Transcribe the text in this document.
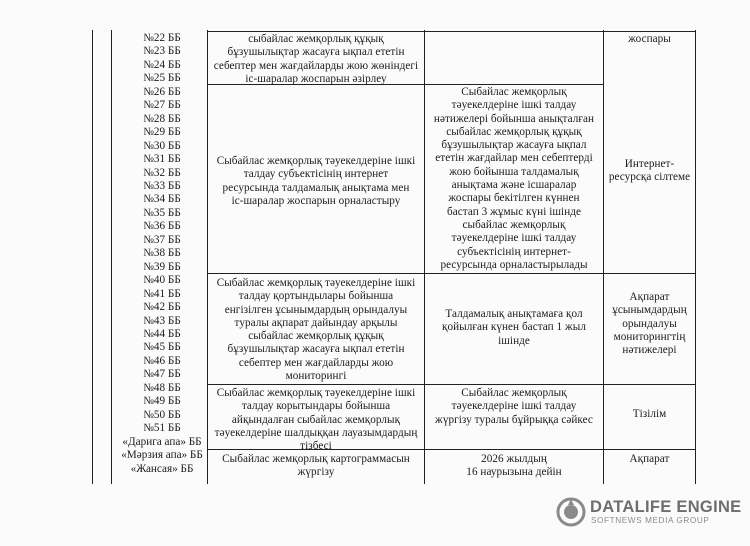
№22 ББ
№23 ББ
№24 ББ
№25 ББ
№26 ББ
№27 ББ
№28 ББ
№29 ББ
№30 ББ
№31 ББ
№32 ББ
№33 ББ
№34 ББ
№35 ББ
№36 ББ
№37 ББ
№38 ББ
№39 ББ
№40 ББ
№41 ББ
№42 ББ
№43 ББ
№44 ББ
№45 ББ
№46 ББ
№47 ББ
№48 ББ
№49 ББ
№50 ББ
№51 ББ
«Дарига апа» ББ
«Мәрзия апа» ББ
«Жансая» ББ
сыбайлас жемқорлық құқық
бұзушылықтар жасауға ықпал ететін
себептер мен жағдайларды жою жөніндегі
іс-шаралар жоспарын әзірлеу
жоспары
Сыбайлас жемқорлық тәуекелдеріне ішкі
талдау субъектісінің интернет
ресурсында талдамалық анықтама мен
іс-шаралар жоспарын орналастыру
Сыбайлас жемқорлық
тәуекелдеріне ішкі талдау
нәтижелері бойынша анықталған
сыбайлас жемқорлық құқық
бұзушылықтар жасауға ықпал
ететін жағдайлар мен себептерді
жою бойынша талдамалық
анықтама және ісшаралар
жоспары бекітілген күннен
бастап 3 жұмыс күні ішінде
сыбайлас жемқорлық
тәуекелдеріне ішкі талдау
субъектісінің интернет-
ресурсында орналастырылады
Интернет-
ресурсқа сілтеме
Сыбайлас жемқорлық тәуекелдеріне ішкі
талдау қортындылары бойынша
енгізілген ұсынымдардың орындалуы
туралы ақпарат дайындау арқылы
сыбайлас жемқорлық құқық
бұзушылықтар жасауға ықпал ететін
себептер мен жағдайларды жою
мониторингі
Талдамалық анықтамаға қол
қойылған күнен бастап 1 жыл
ішінде
Ақпарат
ұсынымдардың
орындалуы
мониторингтің
нәтижелері
Сыбайлас жемқорлық тәуекелдеріне ішкі
талдау корытындары бойынша
айқындалған сыбайлас жемқорлық
тәуекелдеріне шалдыққан лауазымдардың
тізбесі
Сыбайлас жемқорлық
тәуекелдеріне ішкі талдау
жүргізу туралы бұйрыққа сәйкес	Тізілім
Сыбайлас жемқорлық картограммасын
жүргізу
2026 жылдың
16 наурызына дейін
Ақпарат
DATALIFE ENGINE
SOFTNEWS MEDIA GROUP
